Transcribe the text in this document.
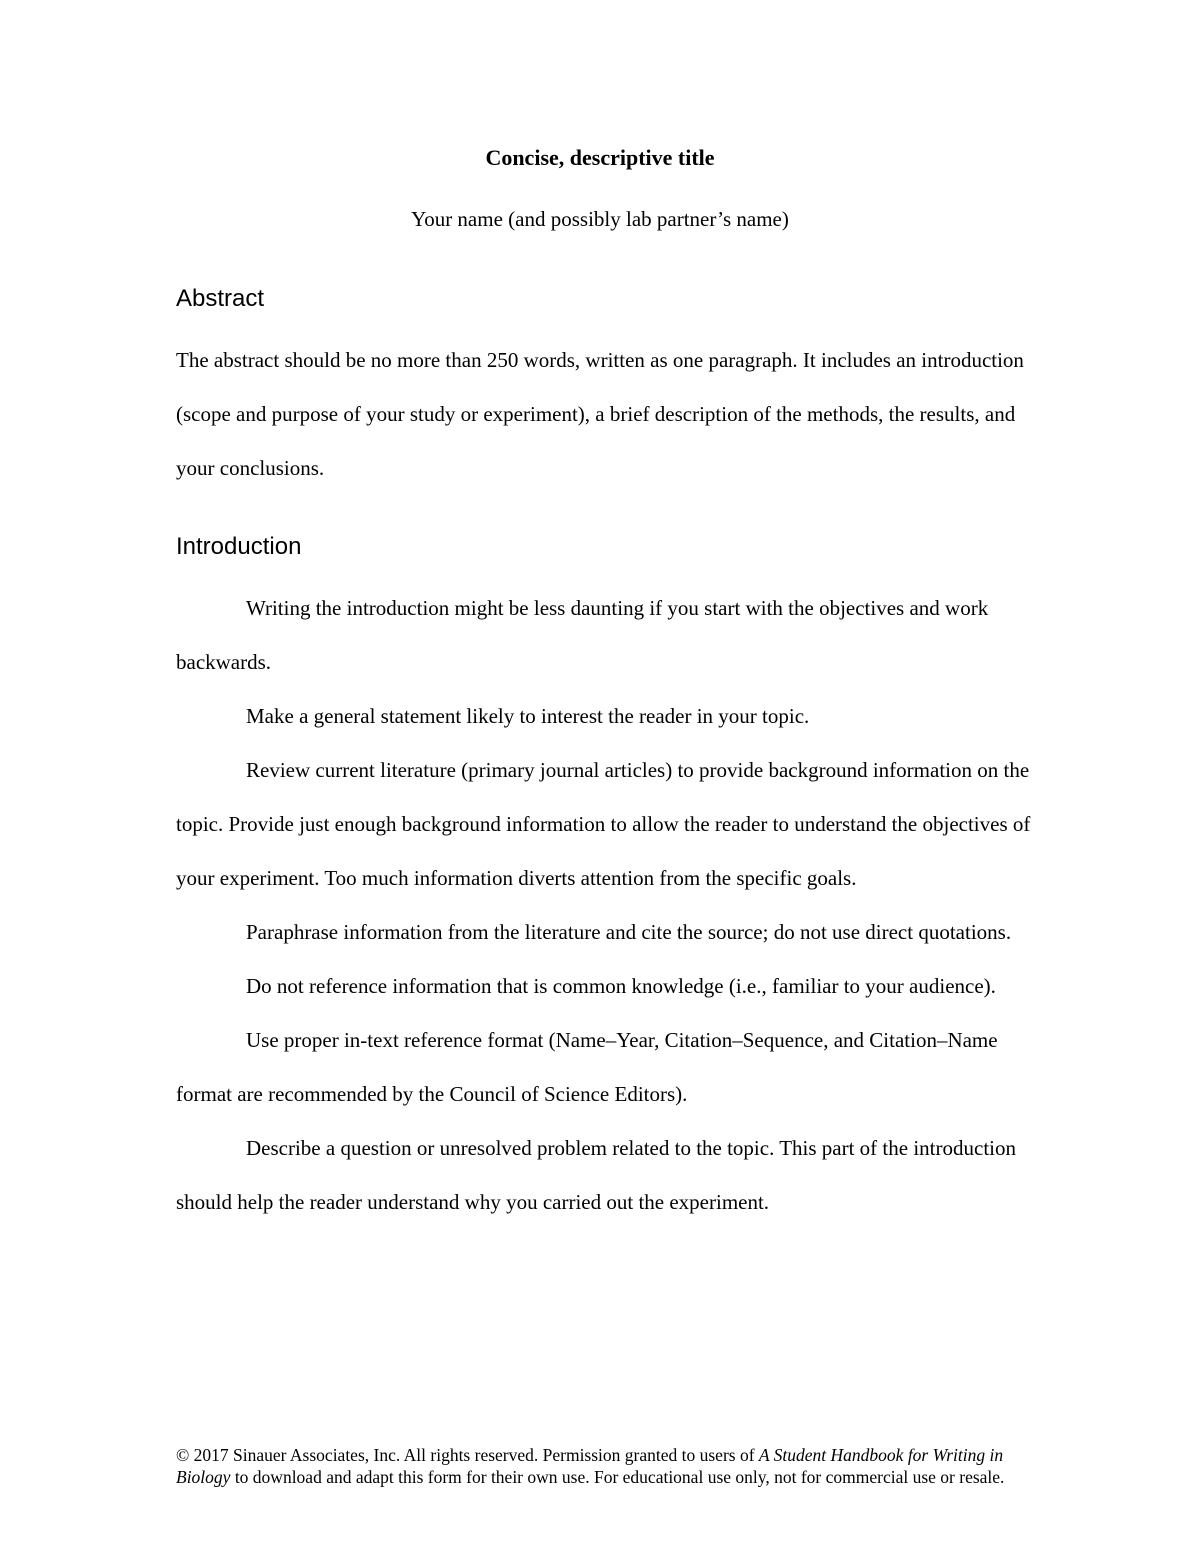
Concise, descriptive title

Your name (and possibly lab partner’s name)

Abstract
The abstract should be no more than 250 words, written as one paragraph. It includes an introduction (scope and purpose of your study or experiment), a brief description of the methods, the results, and your conclusions.
Introduction

Writing the introduction might be less daunting if you start with the objectives and work backwards.

Make a general statement likely to interest the reader in your topic.

Review current literature (primary journal articles) to provide background information on the topic. Provide just enough background information to allow the reader to understand the objectives of your experiment. Too much information diverts attention from the specific goals.

Paraphrase information from the literature and cite the source; do not use direct quotations.

Do not reference information that is common knowledge (i.e., familiar to your audience).

Use proper in-text reference format (Name–Year, Citation–Sequence, and Citation–Name format are recommended by the Council of Science Editors).

Describe a question or unresolved problem related to the topic. This part of the introduction should help the reader understand why you carried out the experiment.

© 2017 Sinauer Associates, Inc. All rights reserved. Permission granted to users of A Student Handbook for Writing in Biology to download and adapt this form for their own use. For educational use only, not for commercial use or resale.
